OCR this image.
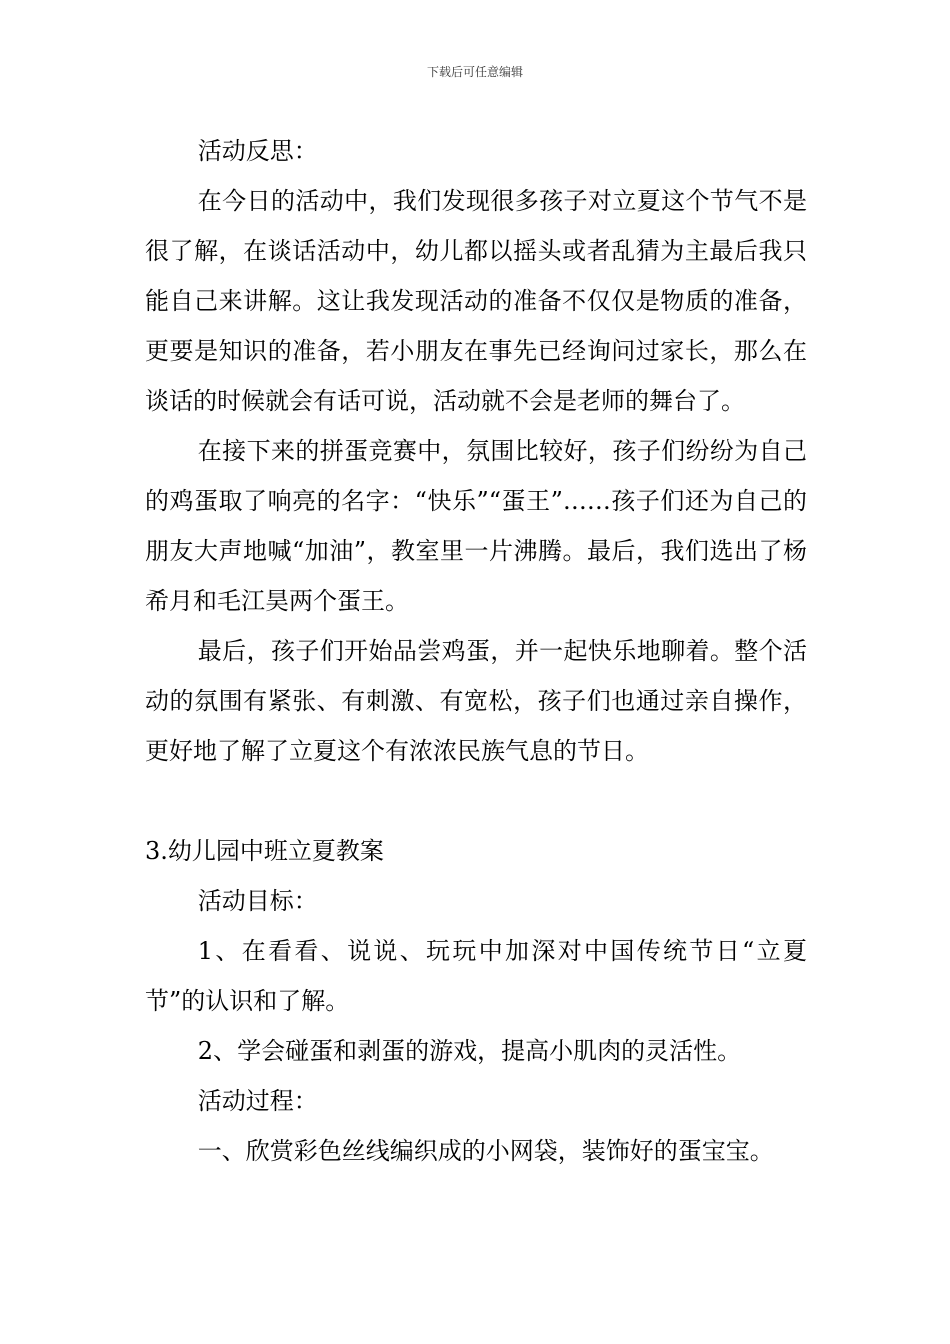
下载后可任意编辑

活动反思：

在今日的活动中，我们发现很多孩子对立夏这个节气不是很了解，在谈话活动中，幼儿都以摇头或者乱猜为主最后我只能自己来讲解。这让我发现活动的准备不仅仅是物质的准备，更要是知识的准备，若小朋友在事先已经询问过家长，那么在谈话的时候就会有话可说，活动就不会是老师的舞台了。

在接下来的拼蛋竞赛中，氛围比较好，孩子们纷纷为自己的鸡蛋取了响亮的名字：“快乐”“蛋王”……孩子们还为自己的朋友大声地喊“加油”，教室里一片沸腾。最后，我们选出了杨希月和毛江昊两个蛋王。

最后，孩子们开始品尝鸡蛋，并一起快乐地聊着。整个活动的氛围有紧张、有刺激、有宽松，孩子们也通过亲自操作，更好地了解了立夏这个有浓浓民族气息的节日。

3.幼儿园中班立夏教案

活动目标：

1、在看看、说说、玩玩中加深对中国传统节日“立夏节”的认识和了解。

2、学会碰蛋和剥蛋的游戏，提高小肌肉的灵活性。

活动过程：

一、欣赏彩色丝线编织成的小网袋，装饰好的蛋宝宝。
